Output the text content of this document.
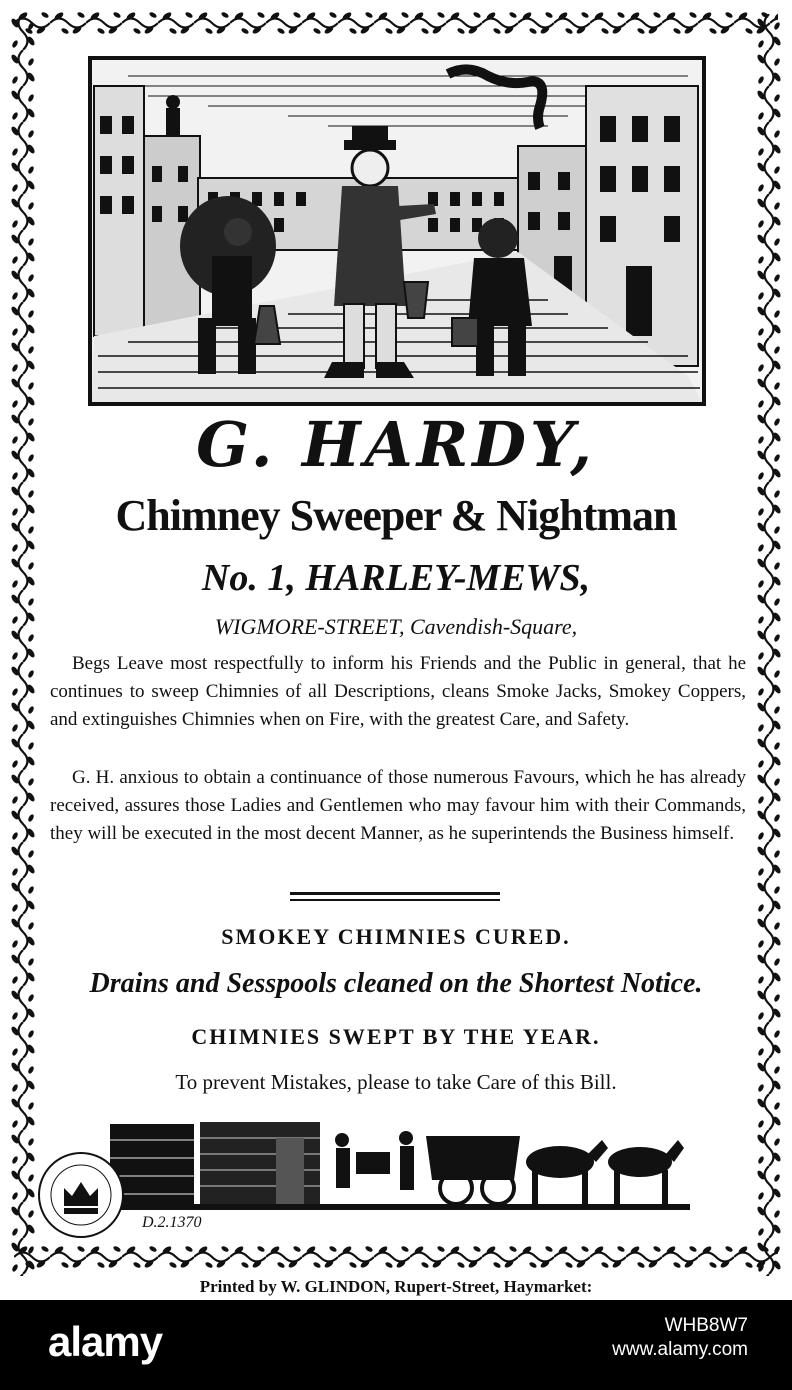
G. HARDY,
Chimney Sweeper & Nightman
No. 1, HARLEY-MEWS,
WIGMORE-STREET, Cavendish-Square,

Begs Leave most respectfully to inform his Friends and the Public in general, that he continues to sweep Chimnies of all Descriptions, cleans Smoke Jacks, Smokey Coppers, and extinguishes Chimnies when on Fire, with the greatest Care, and Safety.

G. H. anxious to obtain a continuance of those numerous Favours, which he has already received, assures those Ladies and Gentlemen who may favour him with their Commands, they will be executed in the most decent Manner, as he superintends the Business himself.

SMOKEY CHIMNIES CURED.
Drains and Sesspools cleaned on the Shortest Notice.
CHIMNIES SWEPT BY THE YEAR.
To prevent Mistakes, please to take Care of this Bill.
D.2.1370
Printed by W. GLINDON, Rupert-Street, Haymarket:
alamy	WHB8W7
www.alamy.com
